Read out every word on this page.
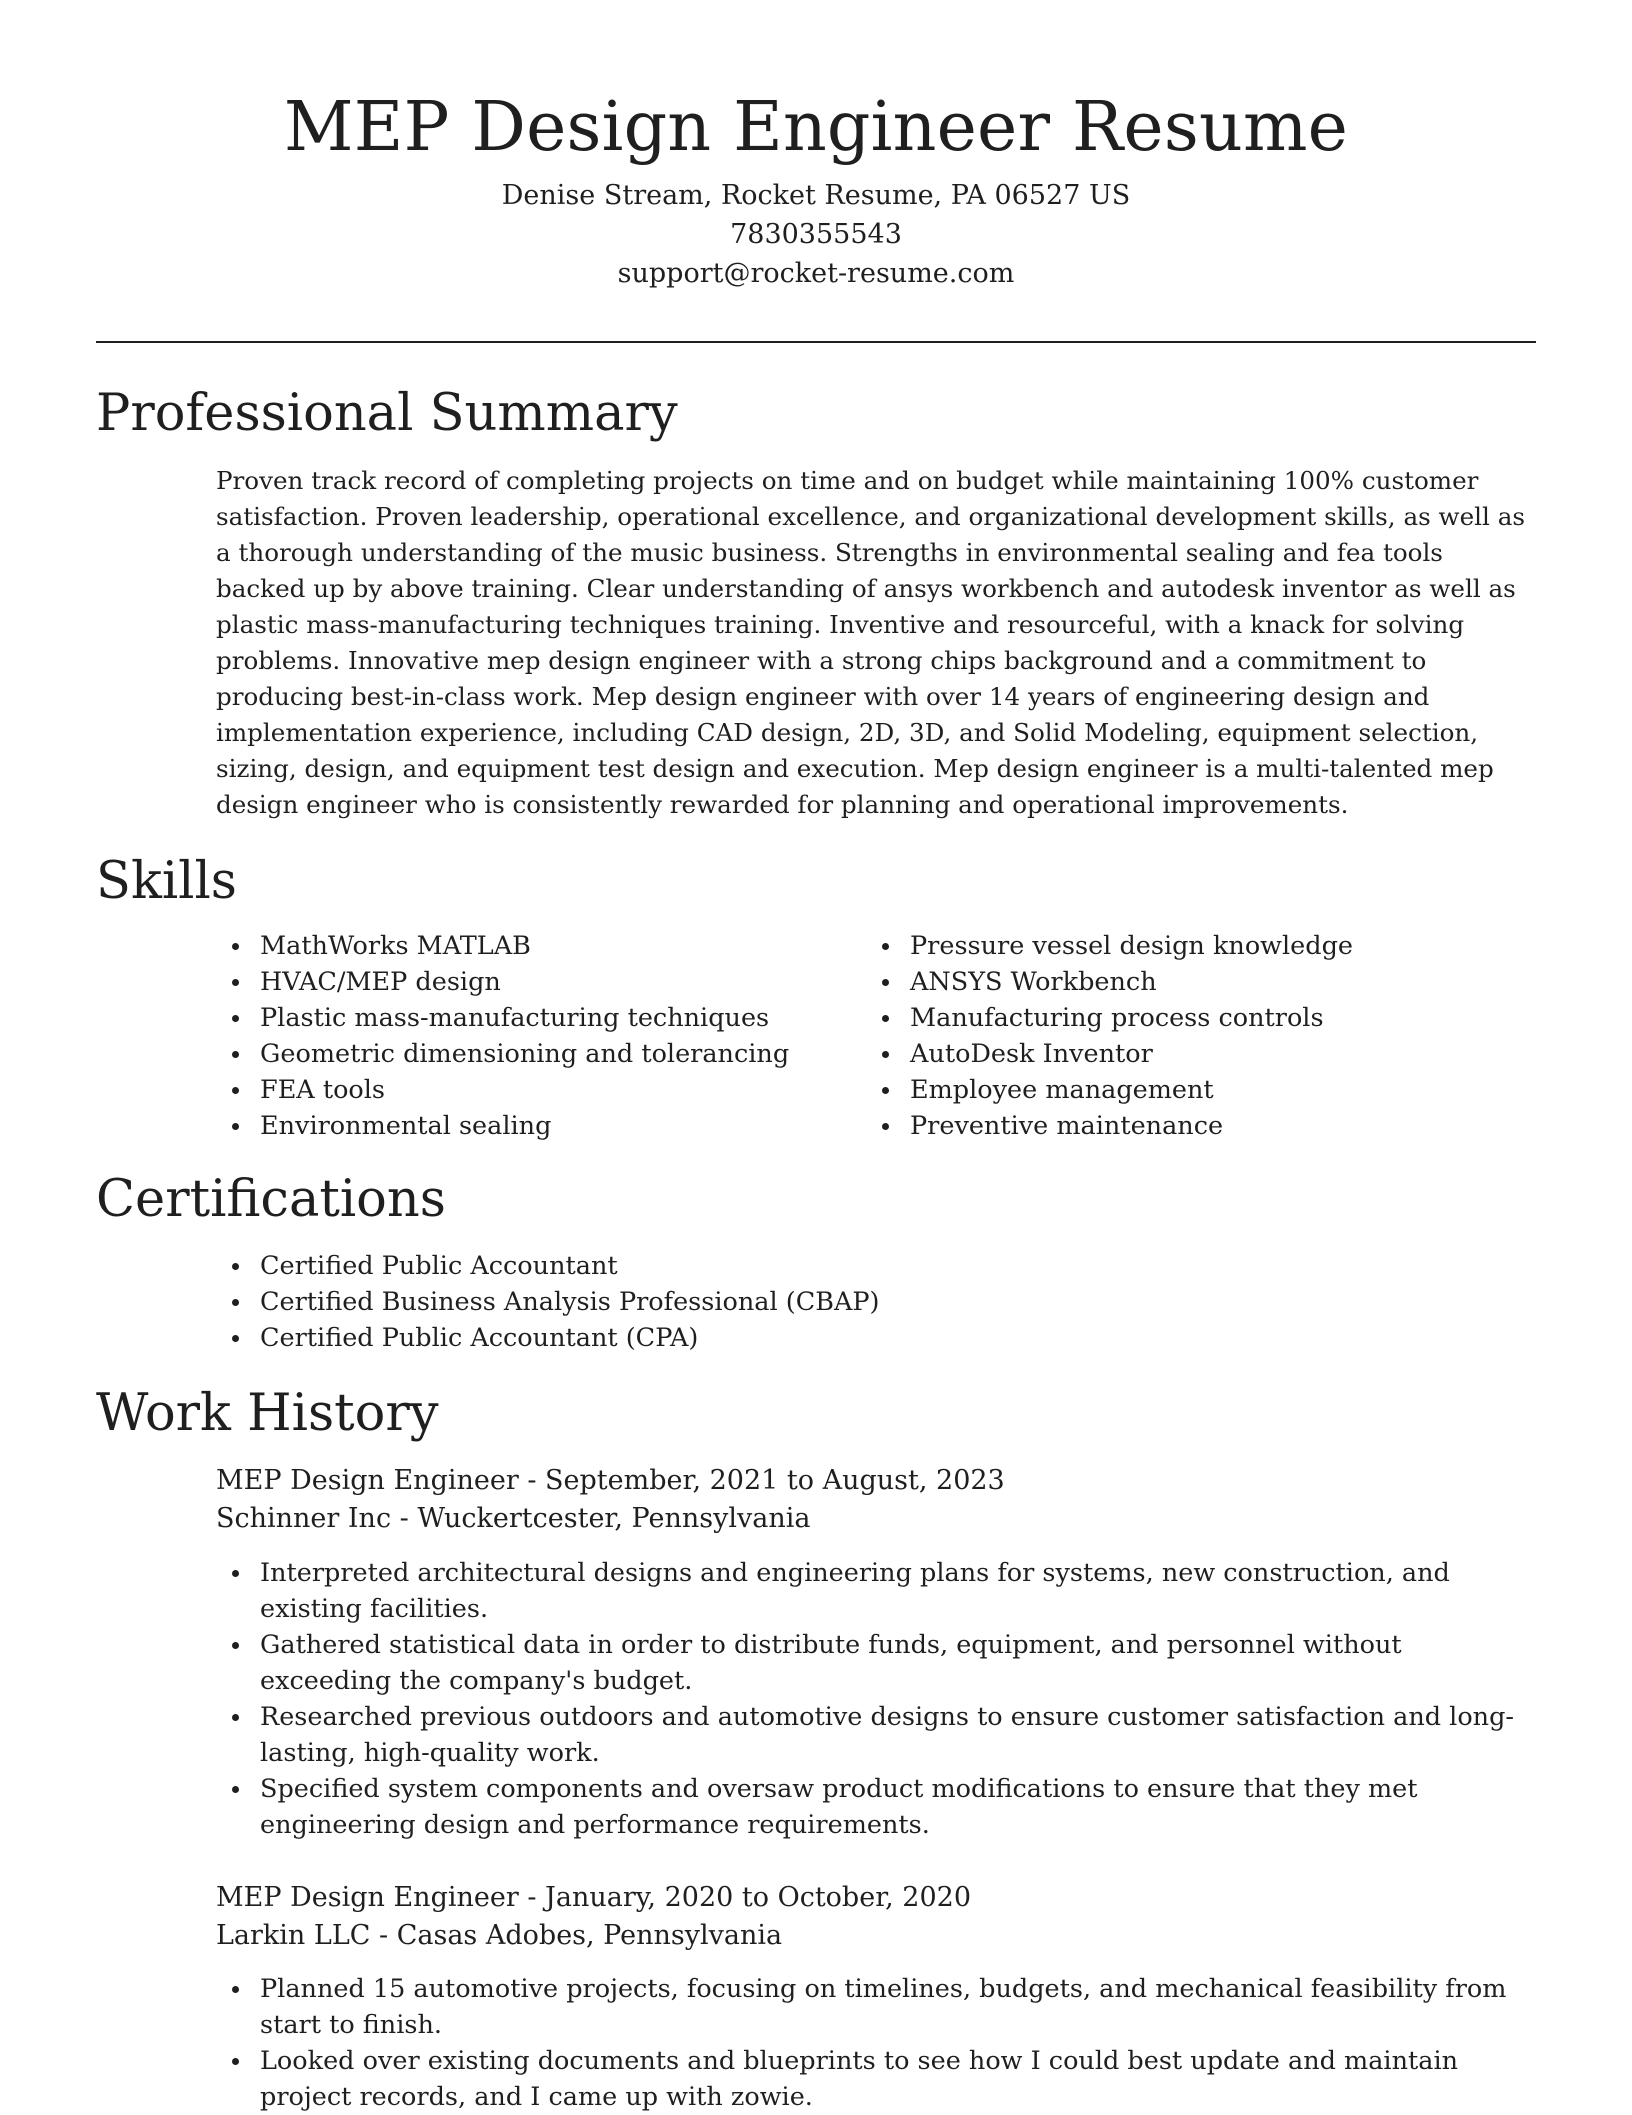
MEP Design Engineer Resume
Denise Stream, Rocket Resume, PA 06527 US
7830355543
support@rocket-resume.com
Professional Summary

Proven track record of completing projects on time and on budget while maintaining 100% customer satisfaction. Proven leadership, operational excellence, and organizational development skills, as well as a thorough understanding of the music business. Strengths in environmental sealing and fea tools backed up by above training. Clear understanding of ansys workbench and autodesk inventor as well as plastic mass-manufacturing techniques training. Inventive and resourceful, with a knack for solving problems. Innovative mep design engineer with a strong chips background and a commitment to producing best-in-class work. Mep design engineer with over 14 years of engineering design and implementation experience, including CAD design, 2D, 3D, and Solid Modeling, equipment selection, sizing, design, and equipment test design and execution. Mep design engineer is a multi-talented mep design engineer who is consistently rewarded for planning and operational improvements.

Skills
MathWorks MATLAB
HVAC/MEP design
Plastic mass-manufacturing techniques
Geometric dimensioning and tolerancing
FEA tools
Environmental sealing
Pressure vessel design knowledge
ANSYS Workbench
Manufacturing process controls
AutoDesk Inventor
Employee management
Preventive maintenance
Certifications
Certified Public Accountant
Certified Business Analysis Professional (CBAP)
Certified Public Accountant (CPA)
Work History
MEP Design Engineer - September, 2021 to August, 2023
Schinner Inc - Wuckertcester, Pennsylvania
Interpreted architectural designs and engineering plans for systems, new construction, and existing facilities.
Gathered statistical data in order to distribute funds, equipment, and personnel without exceeding the company's budget.
Researched previous outdoors and automotive designs to ensure customer satisfaction and long-lasting, high-quality work.
Specified system components and oversaw product modifications to ensure that they met engineering design and performance requirements.
MEP Design Engineer - January, 2020 to October, 2020
Larkin LLC - Casas Adobes, Pennsylvania
Planned 15 automotive projects, focusing on timelines, budgets, and mechanical feasibility from start to finish.
Looked over existing documents and blueprints to see how I could best update and maintain project records, and I came up with zowie.
